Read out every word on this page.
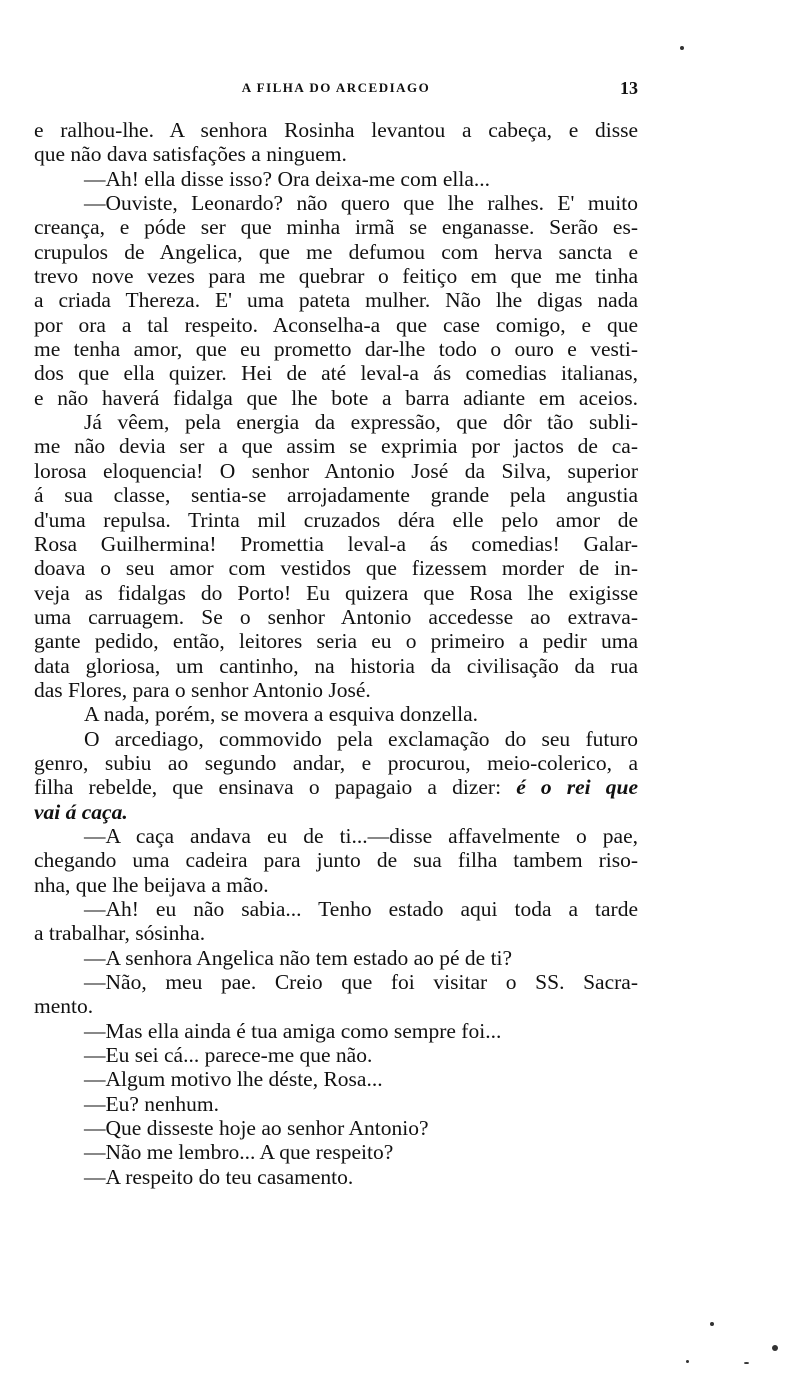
A FILHA DO ARCEDIAGO	13
e ralhou-lhe. A senhora Rosinha levantou a cabeça, e disse
que não dava satisfações a ninguem.
—Ah! ella disse isso? Ora deixa-me com ella...
—Ouviste, Leonardo? não quero que lhe ralhes. E' muito
creança, e póde ser que minha irmã se enganasse. Serão es-
crupulos de Angelica, que me defumou com herva sancta e
trevo nove vezes para me quebrar o feitiço em que me tinha
a criada Thereza. E' uma pateta mulher. Não lhe digas nada
por ora a tal respeito. Aconselha-a que case comigo, e que
me tenha amor, que eu prometto dar-lhe todo o ouro e vesti-
dos que ella quizer. Hei de até leval-a ás comedias italianas,
e não haverá fidalga que lhe bote a barra adiante em aceios.
Já vêem, pela energia da expressão, que dôr tão subli-
me não devia ser a que assim se exprimia por jactos de ca-
lorosa eloquencia! O senhor Antonio José da Silva, superior
á sua classe, sentia-se arrojadamente grande pela angustia
d'uma repulsa. Trinta mil cruzados déra elle pelo amor de
Rosa Guilhermina! Promettia leval-a ás comedias! Galar-
doava o seu amor com vestidos que fizessem morder de in-
veja as fidalgas do Porto! Eu quizera que Rosa lhe exigisse
uma carruagem. Se o senhor Antonio accedesse ao extrava-
gante pedido, então, leitores seria eu o primeiro a pedir uma
data gloriosa, um cantinho, na historia da civilisação da rua
das Flores, para o senhor Antonio José.
A nada, porém, se movera a esquiva donzella.
O arcediago, commovido pela exclamação do seu futuro
genro, subiu ao segundo andar, e procurou, meio-colerico, a
filha rebelde, que ensinava o papagaio a dizer: é o rei que
vai á caça.
—A caça andava eu de ti...—disse affavelmente o pae,
chegando uma cadeira para junto de sua filha tambem riso-
nha, que lhe beijava a mão.
—Ah! eu não sabia... Tenho estado aqui toda a tarde
a trabalhar, sósinha.
—A senhora Angelica não tem estado ao pé de ti?
—Não, meu pae. Creio que foi visitar o SS. Sacra-
mento.
—Mas ella ainda é tua amiga como sempre foi...
—Eu sei cá... parece-me que não.
—Algum motivo lhe déste, Rosa...
—Eu? nenhum.
—Que disseste hoje ao senhor Antonio?
—Não me lembro... A que respeito?
—A respeito do teu casamento.
